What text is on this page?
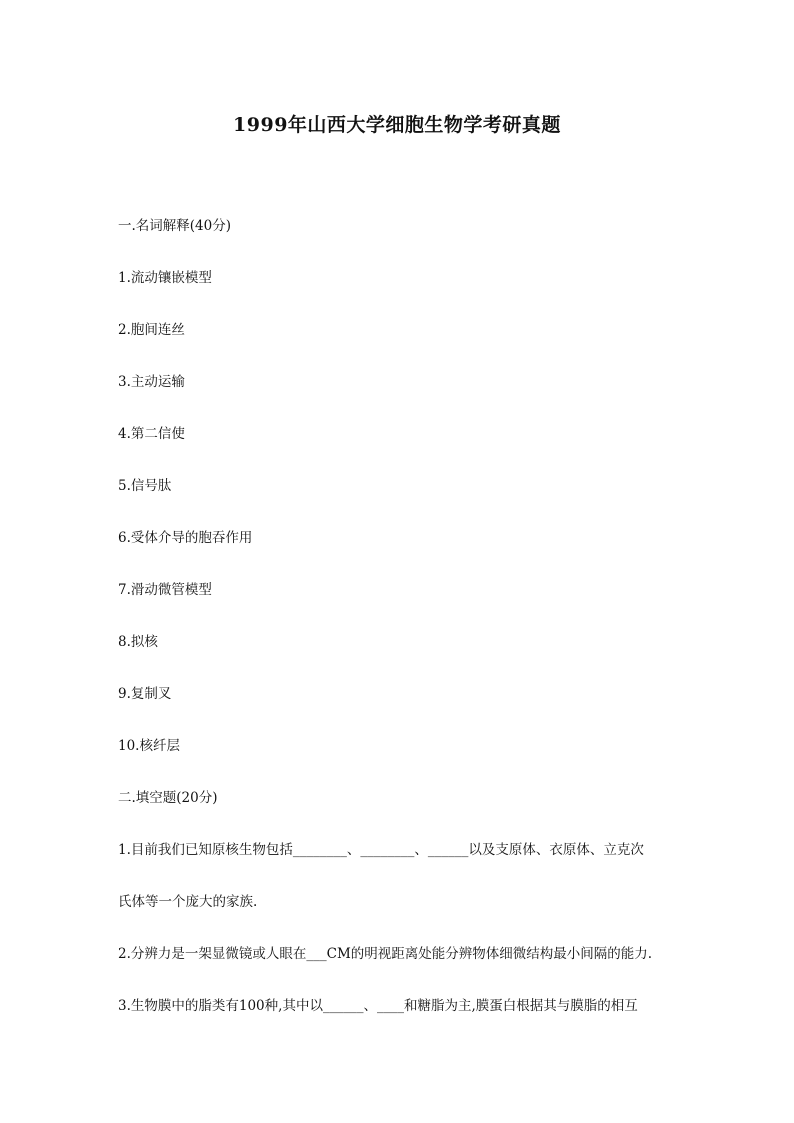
1999年山西大学细胞生物学考研真题
一.名词解释(40分)
1.流动镶嵌模型
2.胞间连丝
3.主动运输
4.第二信使
5.信号肽
6.受体介导的胞吞作用
7.滑动微管模型
8.拟核
9.复制叉
10.核纤层
二.填空题(20分)
1.目前我们已知原核生物包括________、________、______以及支原体、衣原体、立克次
氏体等一个庞大的家族.
2.分辨力是一架显微镜或人眼在___CM的明视距离处能分辨物体细微结构最小间隔的能力.
3.生物膜中的脂类有100种,其中以______、____和糖脂为主,膜蛋白根据其与膜脂的相互
